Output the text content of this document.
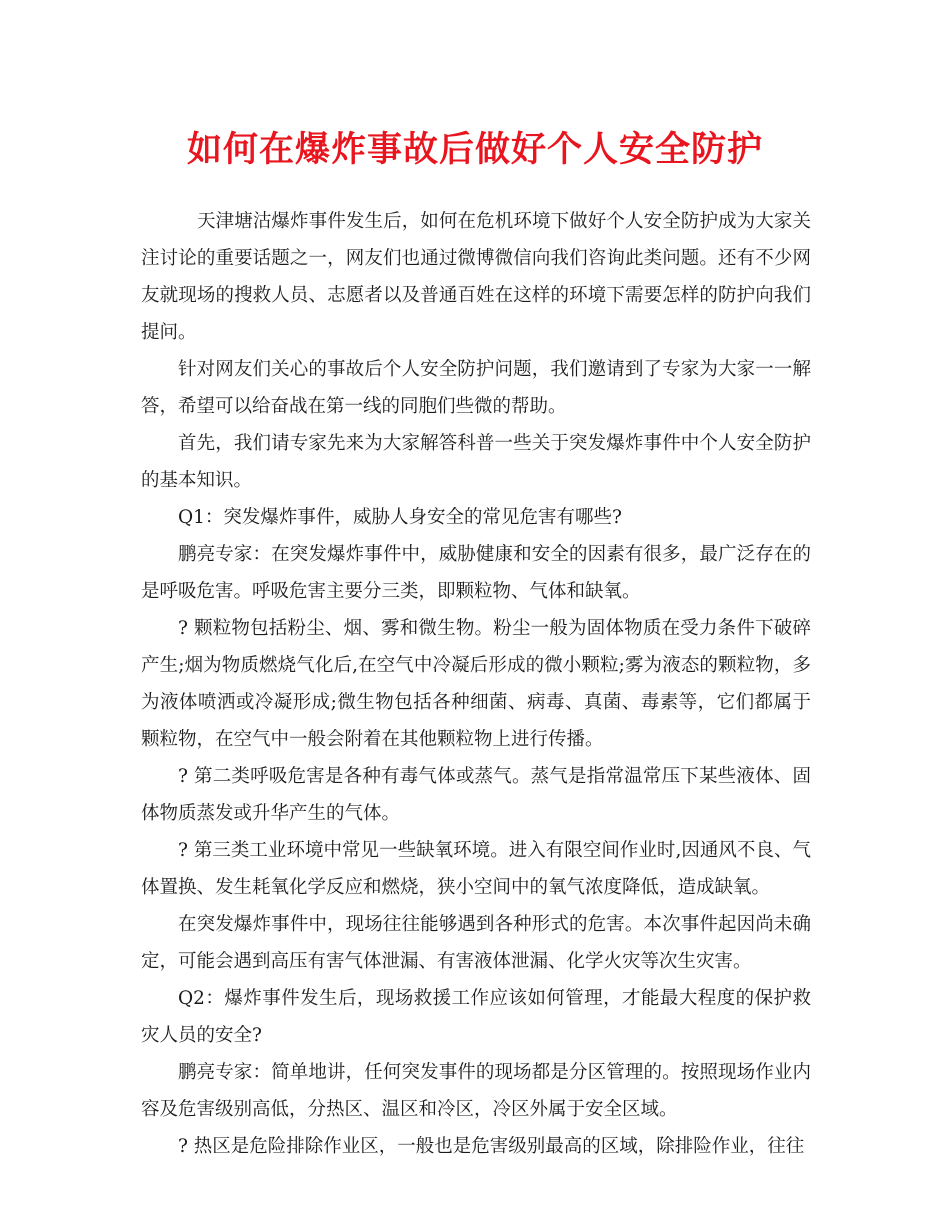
如何在爆炸事故后做好个人安全防护

天津塘沽爆炸事件发生后，如何在危机环境下做好个人安全防护成为大家关注讨论的重要话题之一，网友们也通过微博微信向我们咨询此类问题。还有不少网友就现场的搜救人员、志愿者以及普通百姓在这样的环境下需要怎样的防护向我们提问。

针对网友们关心的事故后个人安全防护问题，我们邀请到了专家为大家一一解答，希望可以给奋战在第一线的同胞们些微的帮助。

首先，我们请专家先来为大家解答科普一些关于突发爆炸事件中个人安全防护的基本知识。

Q1：突发爆炸事件，威胁人身安全的常见危害有哪些?

鹏亮专家：在突发爆炸事件中，威胁健康和安全的因素有很多，最广泛存在的是呼吸危害。呼吸危害主要分三类，即颗粒物、气体和缺氧。

? 颗粒物包括粉尘、烟、雾和微生物。粉尘一般为固体物质在受力条件下破碎产生;烟为物质燃烧气化后,在空气中冷凝后形成的微小颗粒;雾为液态的颗粒物，多为液体喷洒或冷凝形成;微生物包括各种细菌、病毒、真菌、毒素等，它们都属于颗粒物，在空气中一般会附着在其他颗粒物上进行传播。

? 第二类呼吸危害是各种有毒气体或蒸气。蒸气是指常温常压下某些液体、固体物质蒸发或升华产生的气体。

? 第三类工业环境中常见一些缺氧环境。进入有限空间作业时,因通风不良、气体置换、发生耗氧化学反应和燃烧，狭小空间中的氧气浓度降低，造成缺氧。

在突发爆炸事件中，现场往往能够遇到各种形式的危害。本次事件起因尚未确定，可能会遇到高压有害气体泄漏、有害液体泄漏、化学火灾等次生灾害。

Q2：爆炸事件发生后，现场救援工作应该如何管理，才能最大程度的保护救灾人员的安全?

鹏亮专家：简单地讲，任何突发事件的现场都是分区管理的。按照现场作业内容及危害级别高低，分热区、温区和冷区，冷区外属于安全区域。

? 热区是危险排除作业区，一般也是危害级别最高的区域，除排险作业，往往
